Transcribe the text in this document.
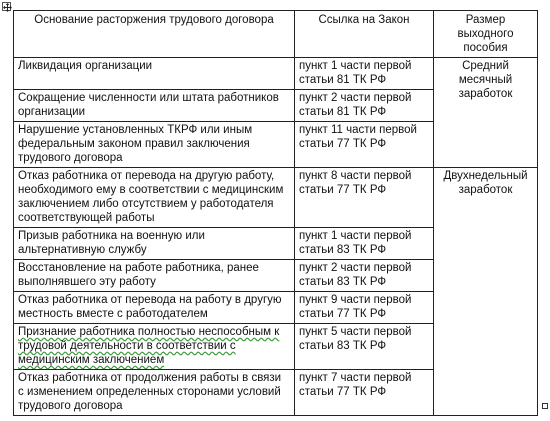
Основание расторжения трудового договора	Ссылка на Закон	Размер выходного пособия
Ликвидация организации	пункт 1 части первой статьи 81 ТК РФ	Средний месячный заработок
Сокращение численности или штата работников организации	пункт 2 части первой статьи 81 ТК РФ	
Нарушение установленных ТКРФ или иным федеральным законом правил заключения трудового договора	пункт 11 части первой статьи 77 ТК РФ	
Отказ работника от перевода на другую работу, необходимого ему в соответствии с медицинским заключением либо отсутствием у работодателя соответствующей работы	пункт 8 части первой статьи 77 ТК РФ	Двухнедельный заработок
Призыв работника на военную или альтернативную службу	пункт 1 части первой статьи 83 ТК РФ	
Восстановление на работе работника, ранее выполнявшего эту работу	пункт 2 части первой статьи 83 ТК РФ	
Отказ работника от перевода на работу в другую местность вместе с работодателем	пункт 9 части первой статьи 77 ТК РФ	
Признание работника полностью неспособным к трудовой деятельности в соответствии с медицинским заключением	пункт 5 части первой статьи 83 ТК РФ	
Отказ работника от продолжения работы в связи с изменением определенных сторонами условий трудового договора	пункт 7 части первой статьи 77 ТК РФ	
